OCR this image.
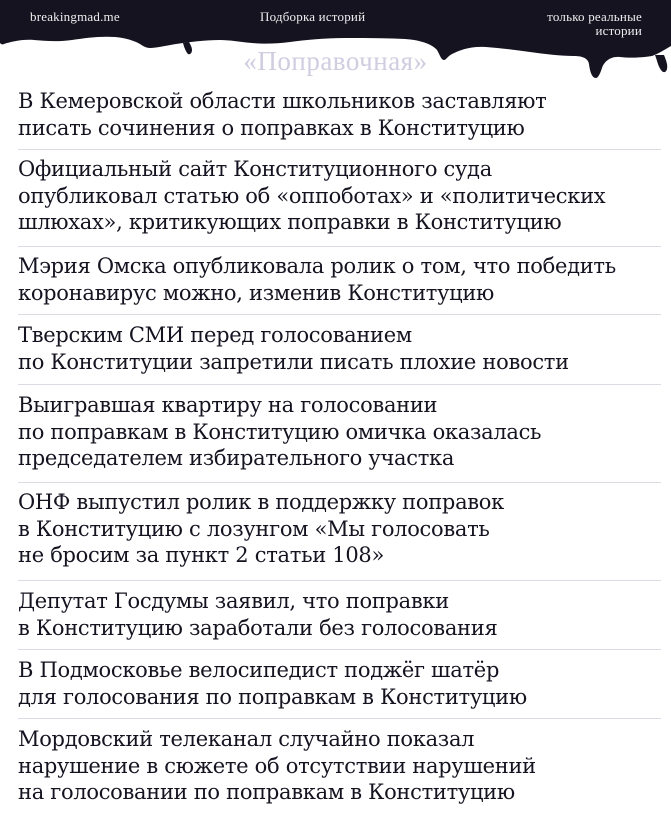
breakingmad.me	Подборка историй	только реальные
истории
«Поправочная»
В Кемеровской области школьников заставляют
писать сочинения о поправках в Конституцию
Официальный сайт Конституционного суда
опубликовал статью об «оппоботах» и «политических
шлюхах», критикующих поправки в Конституцию
Мэрия Омска опубликовала ролик о том, что победить
коронавирус можно, изменив Конституцию
Тверским СМИ перед голосованием
по Конституции запретили писать плохие новости
Выигравшая квартиру на голосовании
по поправкам в Конституцию омичка оказалась
председателем избирательного участка
ОНФ выпустил ролик в поддержку поправок
в Конституцию с лозунгом «Мы голосовать
не бросим за пункт 2 статьи 108»
Депутат Госдумы заявил, что поправки
в Конституцию заработали без голосования
В Подмосковье велосипедист поджёг шатёр
для голосования по поправкам в Конституцию
Мордовский телеканал случайно показал
нарушение в сюжете об отсутствии нарушений
на голосовании по поправкам в Конституцию
